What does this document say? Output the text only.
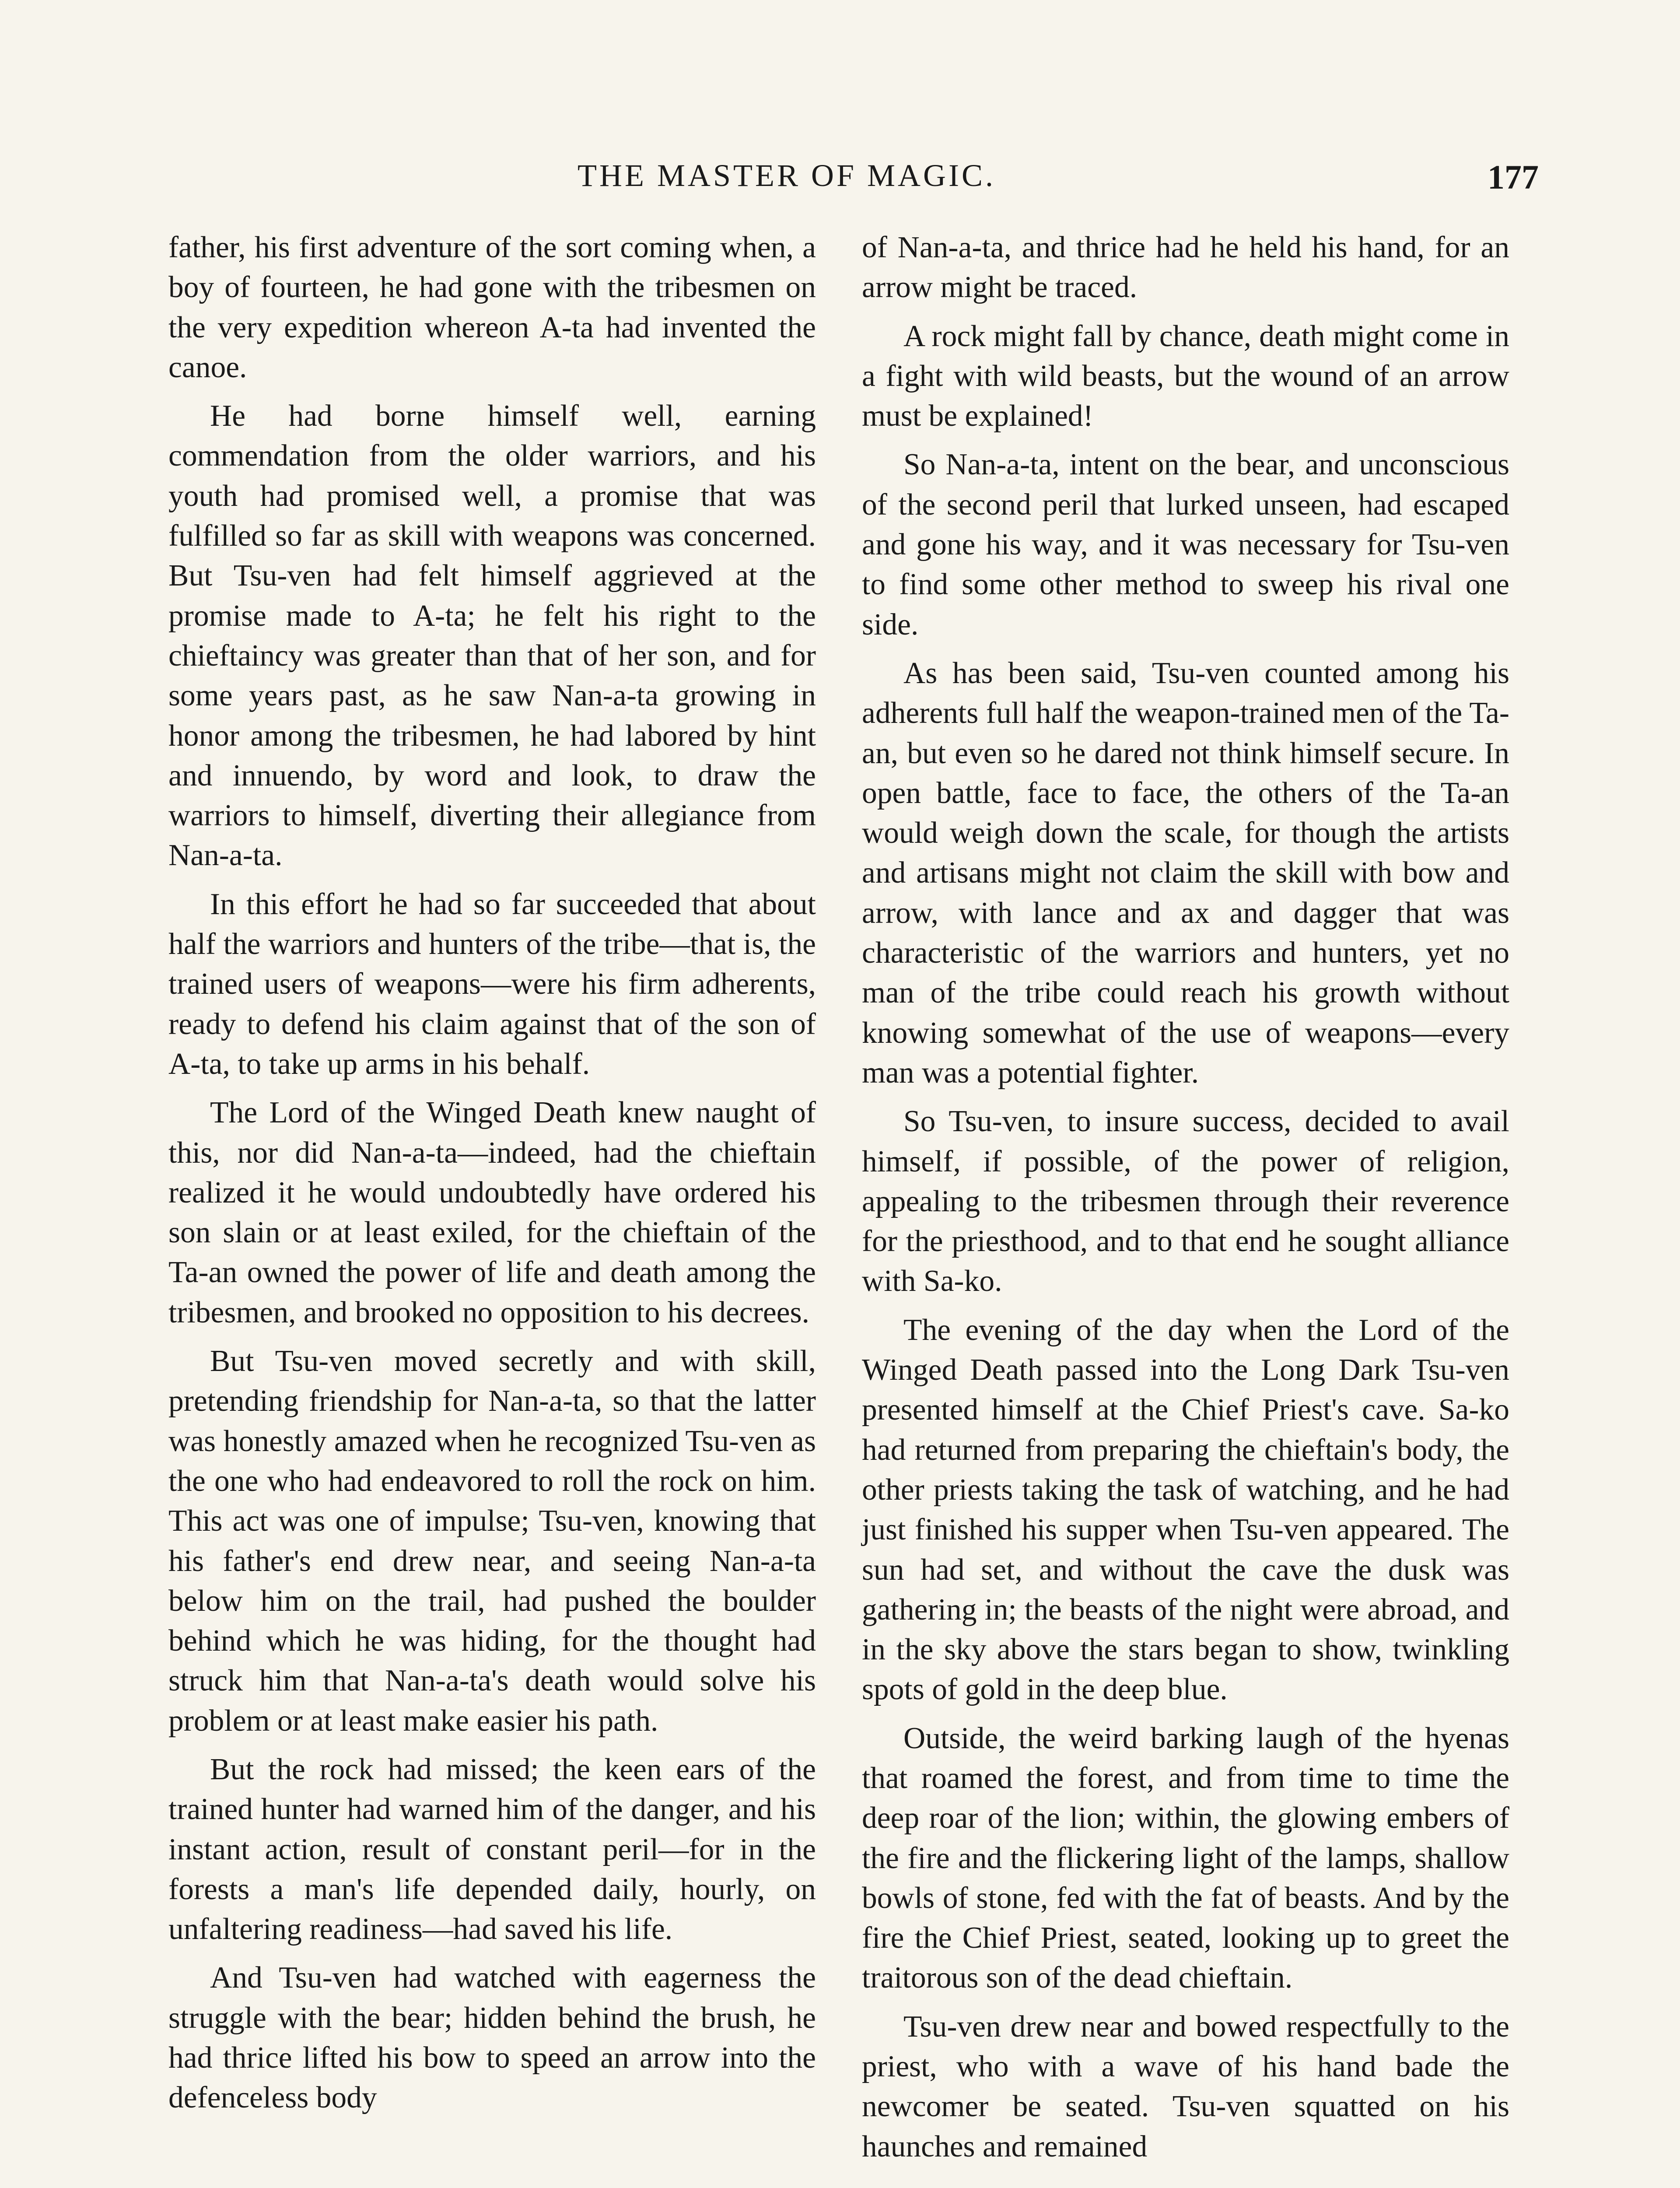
THE MASTER OF MAGIC.	177

father, his first adventure of the sort coming when, a boy of fourteen, he had gone with the tribesmen on the very expedition whereon A-ta had invented the canoe.

He had borne himself well, earning commendation from the older warriors, and his youth had promised well, a promise that was fulfilled so far as skill with weapons was concerned. But Tsu-ven had felt himself aggrieved at the promise made to A-ta; he felt his right to the chieftaincy was greater than that of her son, and for some years past, as he saw Nan-a-ta growing in honor among the tribesmen, he had labored by hint and innuendo, by word and look, to draw the warriors to himself, diverting their allegiance from Nan-a-ta.

In this effort he had so far succeeded that about half the warriors and hunters of the tribe—that is, the trained users of weapons—were his firm adherents, ready to defend his claim against that of the son of A-ta, to take up arms in his behalf.

The Lord of the Winged Death knew naught of this, nor did Nan-a-ta—indeed, had the chieftain realized it he would undoubtedly have ordered his son slain or at least exiled, for the chieftain of the Ta-an owned the power of life and death among the tribesmen, and brooked no opposition to his decrees.

But Tsu-ven moved secretly and with skill, pretending friendship for Nan-a-ta, so that the latter was honestly amazed when he recognized Tsu-ven as the one who had endeavored to roll the rock on him. This act was one of impulse; Tsu-ven, knowing that his father's end drew near, and seeing Nan-a-ta below him on the trail, had pushed the boulder behind which he was hiding, for the thought had struck him that Nan-a-ta's death would solve his problem or at least make easier his path.

But the rock had missed; the keen ears of the trained hunter had warned him of the danger, and his instant action, result of constant peril—for in the forests a man's life depended daily, hourly, on unfaltering readiness—had saved his life.

And Tsu-ven had watched with eagerness the struggle with the bear; hidden behind the brush, he had thrice lifted his bow to speed an arrow into the defenceless body

of Nan-a-ta, and thrice had he held his hand, for an arrow might be traced.

A rock might fall by chance, death might come in a fight with wild beasts, but the wound of an arrow must be explained!

So Nan-a-ta, intent on the bear, and unconscious of the second peril that lurked unseen, had escaped and gone his way, and it was necessary for Tsu-ven to find some other method to sweep his rival one side.

As has been said, Tsu-ven counted among his adherents full half the weapon-trained men of the Ta-an, but even so he dared not think himself secure. In open battle, face to face, the others of the Ta-an would weigh down the scale, for though the artists and artisans might not claim the skill with bow and arrow, with lance and ax and dagger that was characteristic of the warriors and hunters, yet no man of the tribe could reach his growth without knowing somewhat of the use of weapons—every man was a potential fighter.

So Tsu-ven, to insure success, decided to avail himself, if possible, of the power of religion, appealing to the tribesmen through their reverence for the priesthood, and to that end he sought alliance with Sa-ko.

The evening of the day when the Lord of the Winged Death passed into the Long Dark Tsu-ven presented himself at the Chief Priest's cave. Sa-ko had returned from preparing the chieftain's body, the other priests taking the task of watching, and he had just finished his supper when Tsu-ven appeared. The sun had set, and without the cave the dusk was gathering in; the beasts of the night were abroad, and in the sky above the stars began to show, twinkling spots of gold in the deep blue.

Outside, the weird barking laugh of the hyenas that roamed the forest, and from time to time the deep roar of the lion; within, the glowing embers of the fire and the flickering light of the lamps, shallow bowls of stone, fed with the fat of beasts. And by the fire the Chief Priest, seated, looking up to greet the traitorous son of the dead chieftain.

Tsu-ven drew near and bowed respectfully to the priest, who with a wave of his hand bade the newcomer be seated. Tsu-ven squatted on his haunches and remained
